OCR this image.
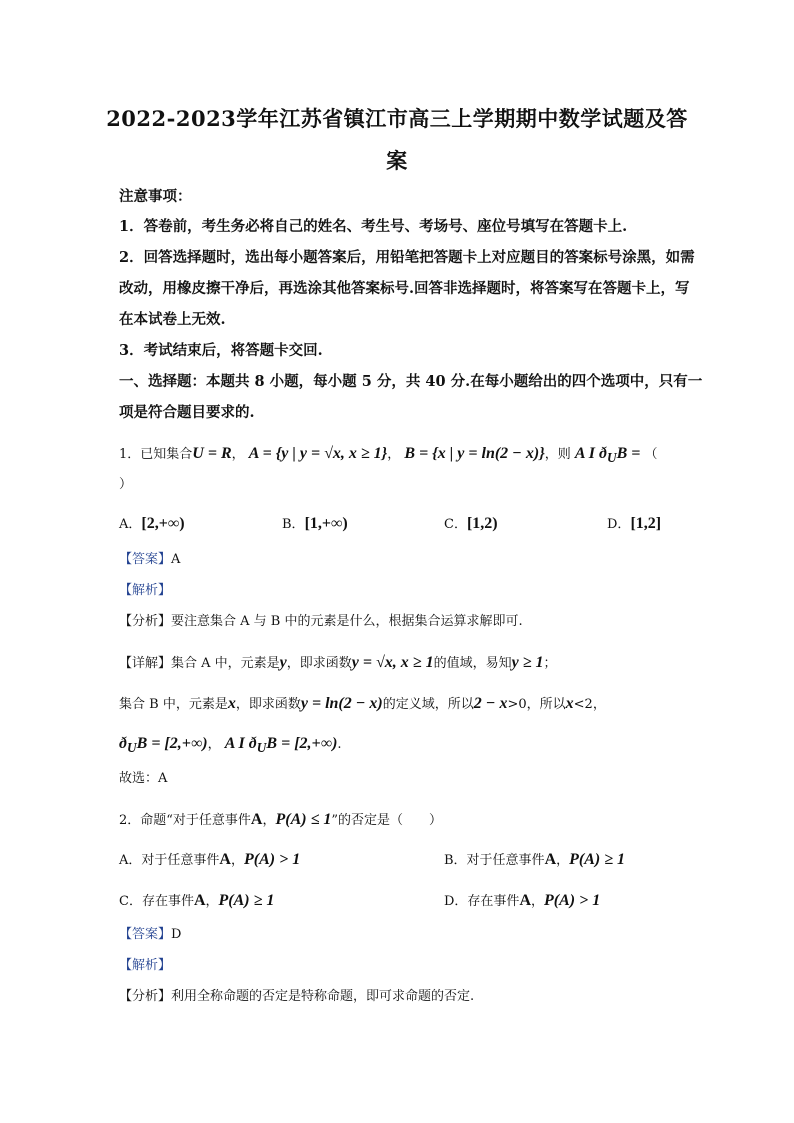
2022-2023学年江苏省镇江市高三上学期期中数学试题及答
案
注意事项：
1．答卷前，考生务必将自己的姓名、考生号、考场号、座位号填写在答题卡上.
2．回答选择题时，选出每小题答案后，用铅笔把答题卡上对应题目的答案标号涂黑，如需
改动，用橡皮擦干净后，再选涂其他答案标号.回答非选择题时，将答案写在答题卡上，写
在本试卷上无效.
3．考试结束后，将答题卡交回.
一、选择题：本题共 8 小题，每小题 5 分，共 40 分.在每小题给出的四个选项中，只有一
项是符合题目要求的.
1．已知集合U = R， A = {y | y = √x, x ≥ 1}， B = {x | y = ln(2 − x)}，则 A I $ð_UB$ = （
）
A．[2,+∞)	B．[1,+∞)	C．[1,2)	D．[1,2]
【答案】A
【解析】
【分析】要注意集合 A 与 B 中的元素是什么，根据集合运算求解即可.
【详解】集合 A 中，元素是y，即求函数y = √x, x ≥ 1的值域，易知y ≥ 1；
集合 B 中，元素是x，即求函数y = ln(2 − x)的定义域，所以2 − x>0，所以x<2，
$ð_UB = [2,+\infty)$， A I $ð_UB = [2,+\infty)$.
故选：A
2．命题“对于任意事件A，P(A) ≤ 1”的否定是（　　）
A．对于任意事件A，P(A) > 1	B．对于任意事件A，P(A) ≥ 1
C．存在事件A，P(A) ≥ 1	D．存在事件A，P(A) > 1
【答案】D
【解析】
【分析】利用全称命题的否定是特称命题，即可求命题的否定.
